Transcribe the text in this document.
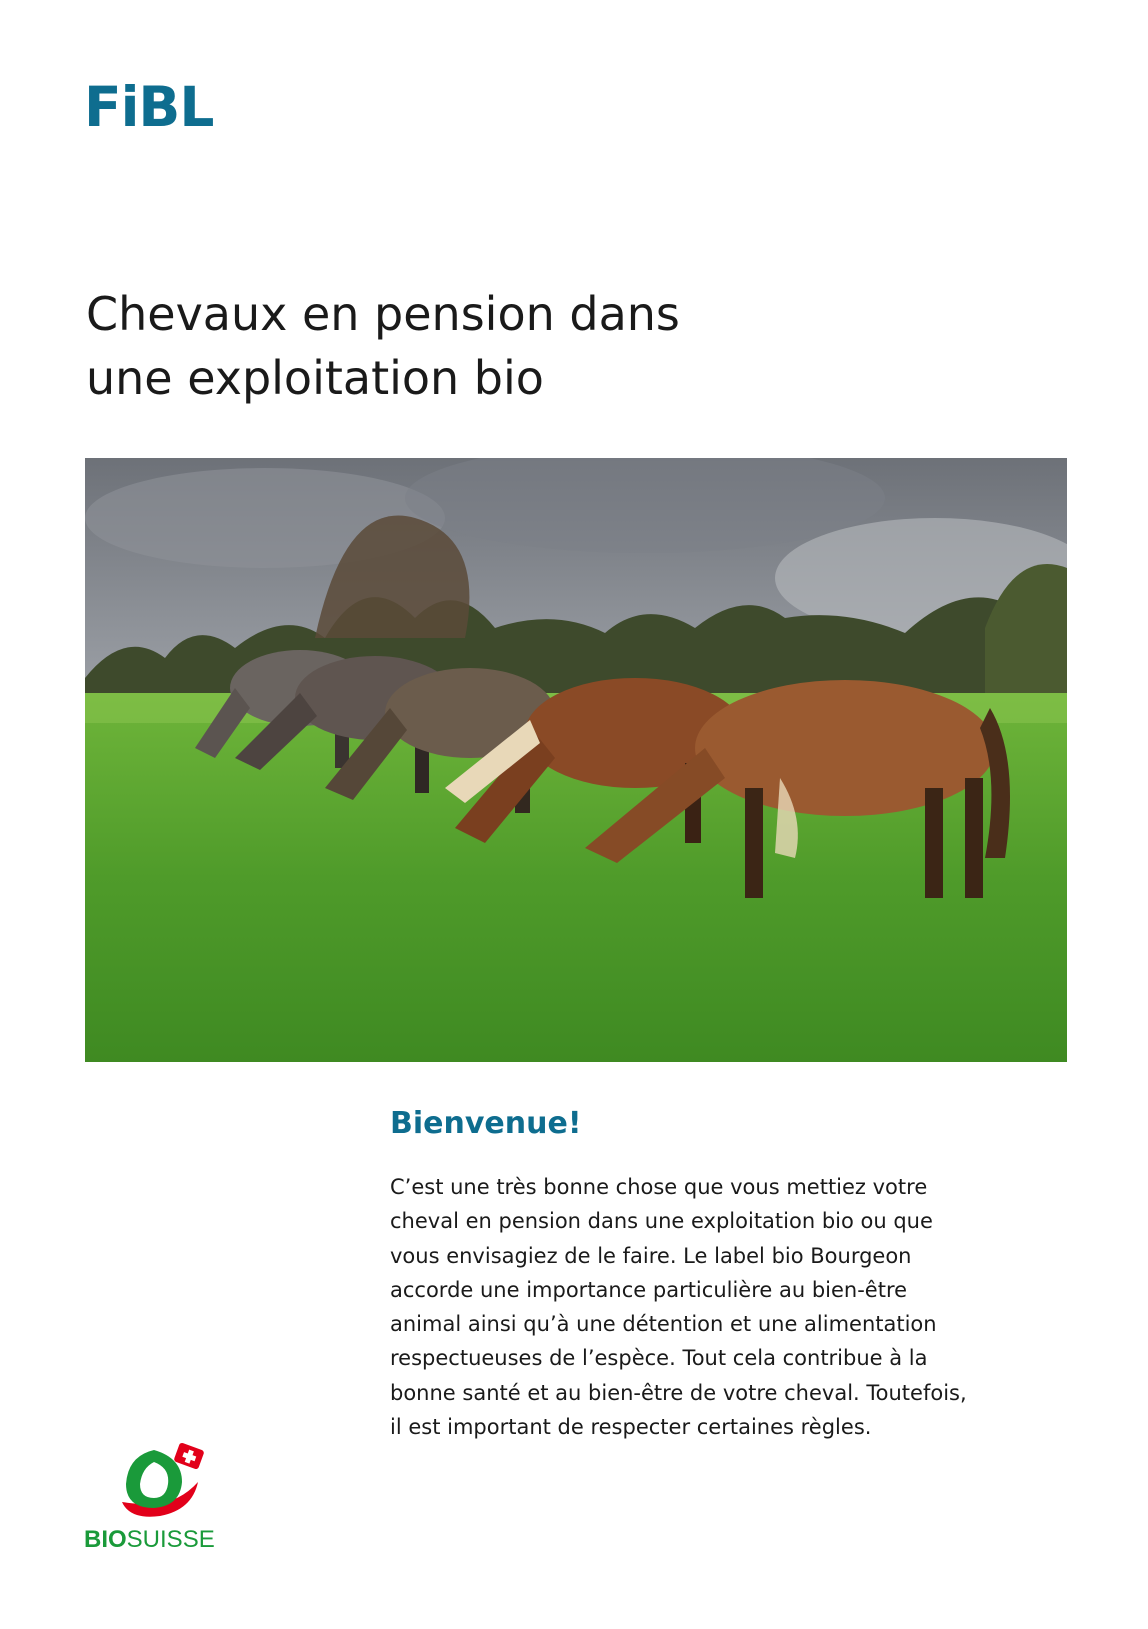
FiBL
Chevaux en pension dans
une exploitation bio
Bienvenue!

C’est une très bonne chose que vous mettiez votre
cheval en pension dans une exploitation bio ou que
vous envisagiez de le faire. Le label bio Bourgeon
accorde une importance particulière au bien-être
animal ainsi qu’à une détention et une alimentation
respectueuses de l’espèce. Tout cela contribue à la
bonne santé et au bien-être de votre cheval. Toutefois,
il est important de respecter certaines règles.

BIOSUISSE
